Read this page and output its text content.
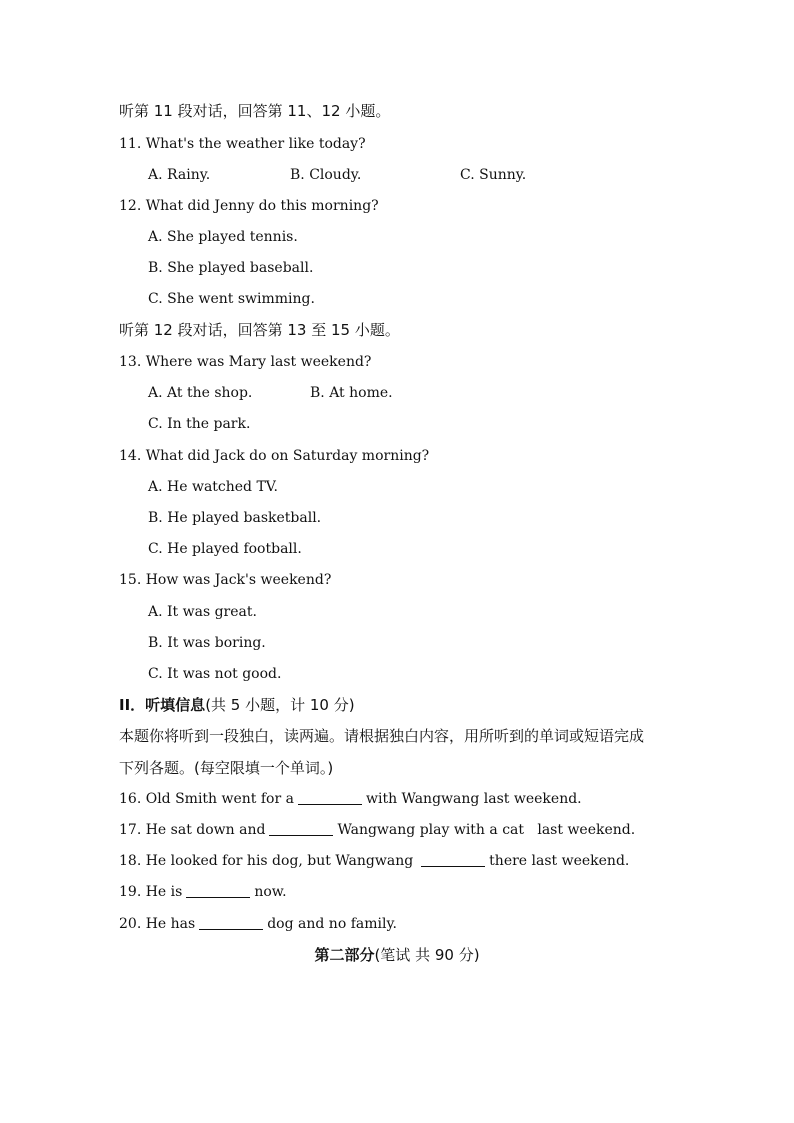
听第 11 段对话，回答第 11、12 小题。
11. What's the weather like today?
A. Rainy.	B. Cloudy.	C. Sunny.
12. What did Jenny do this morning?
A. She played tennis.
B. She played baseball.
C. She went swimming.
听第 12 段对话，回答第 13 至 15 小题。
13. Where was Mary last weekend?
A. At the shop.	B. At home.
C. In the park.
14. What did Jack do on Saturday morning?
A. He watched TV.
B. He played basketball.
C. He played football.
15. How was Jack's weekend?
A. It was great.
B. It was boring.
C. It was not good.
II．听填信息(共 5 小题，计 10 分)
本题你将听到一段独白，读两遍。请根据独白内容，用所听到的单词或短语完成
下列各题。(每空限填一个单词。)
16. Old Smith went for a	with Wangwang last weekend.
17. He sat down and	Wangwang play with a cat   last weekend.
18. He looked for his dog, but Wangwang	there last weekend.
19. He is	now.
20. He has	dog and no family.
第二部分(笔试 共 90 分)
